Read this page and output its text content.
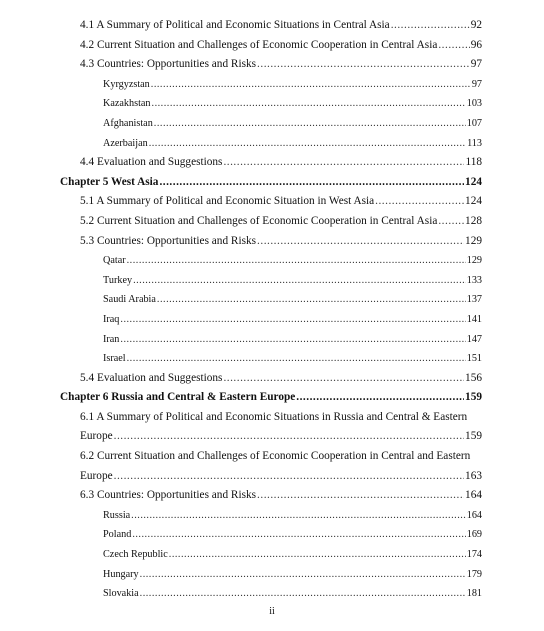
4.1 A Summary of Political and Economic Situations in Central Asia .....	92
4.2 Current Situation and Challenges of Economic Cooperation in Central Asia .....	96
4.3 Countries: Opportunities and Risks .....	97
Kyrgyzstan .....	97
Kazakhstan .....	103
Afghanistan .....	107
Azerbaijan .....	113
4.4 Evaluation and Suggestions .....	118
Chapter 5 West Asia .....	124
5.1 A Summary of Political and Economic Situation in West Asia .....	124
5.2 Current Situation and Challenges of Economic Cooperation in Central Asia ..... 128
5.3 Countries: Opportunities and Risks .....	129
Qatar .....	129
Turkey .....	133
Saudi Arabia .....	137
Iraq .....	141
Iran .....	147
Israel .....	151
5.4 Evaluation and Suggestions .....	156
Chapter 6 Russia and Central & Eastern Europe .....	159
6.1 A Summary of Political and Economic Situations in Russia and Central & Eastern
Europe .....	159
6.2 Current Situation and Challenges of Economic Cooperation in Central and Eastern
Europe .....	163
6.3 Countries: Opportunities and Risks .....	164
Russia .....	164
Poland .....	169
Czech Republic .....	174
Hungary .....	179
Slovakia .....	181
ii
